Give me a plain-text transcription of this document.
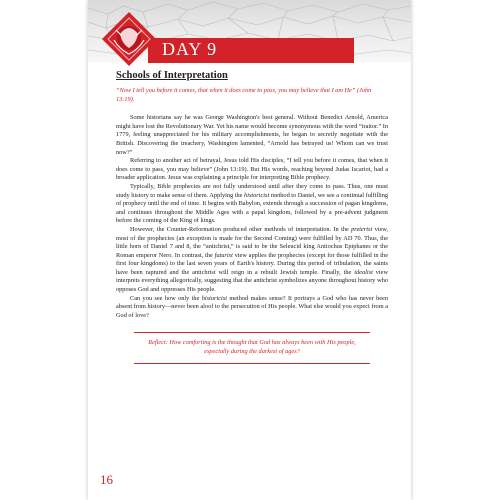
DAY 9
Schools of Interpretation
“Now I tell you before it comes, that when it does come to pass, you may believe that I am He” (John 13:19).

Some historians say he was George Washington's best general. Without Benedict Arnold, America might have lost the Revolutionary War. Yet his name would become synonymous with the word “traitor.” In 1779, feeling unappreciated for his military accomplishments, he began to secretly negotiate with the British. Discovering the treachery, Washington lamented, “Arnold has betrayed us! Whom can we trust now?”

Referring to another act of betrayal, Jesus told His disciples, “I tell you before it comes, that when it does come to pass, you may believe” (John 13:19). But His words, reaching beyond Judas Iscariot, had a broader application. Jesus was explaining a principle for interpreting Bible prophecy.

Typically, Bible prophecies are not fully understood until after they come to pass. Thus, one must study history to make sense of them. Applying the historicist method to Daniel, we see a continual fulfilling of prophecy until the end of time. It begins with Babylon, extends through a succession of pagan kingdoms, and continues throughout the Middle Ages with a papal kingdom, followed by a pre-advent judgment before the coming of the King of kings.

However, the Counter-Reformation produced other methods of interpretation. In the preterist view, most of the prophecies (an exception is made for the Second Coming) were fulfilled by AD 70. Thus, the little horn of Daniel 7 and 8, the “antichrist,” is said to be the Seleucid king Antiochus Epiphanes or the Roman emperor Nero. In contrast, the futurist view applies the prophecies (except for those fulfilled in the first four kingdoms) to the last seven years of Earth's history. During this period of tribulation, the saints have been raptured and the antichrist will reign in a rebuilt Jewish temple. Finally, the idealist view interprets everything allegorically, suggesting that the antichrist symbolizes anyone throughout history who opposes God and oppresses His people.

Can you see how only the historicist method makes sense? It portrays a God who has never been absent from history—never been aloof to the persecution of His people. What else would you expect from a God of love?

Reflect: How comforting is the thought that God has always been with His people, especially during the darkest of ages?
16
